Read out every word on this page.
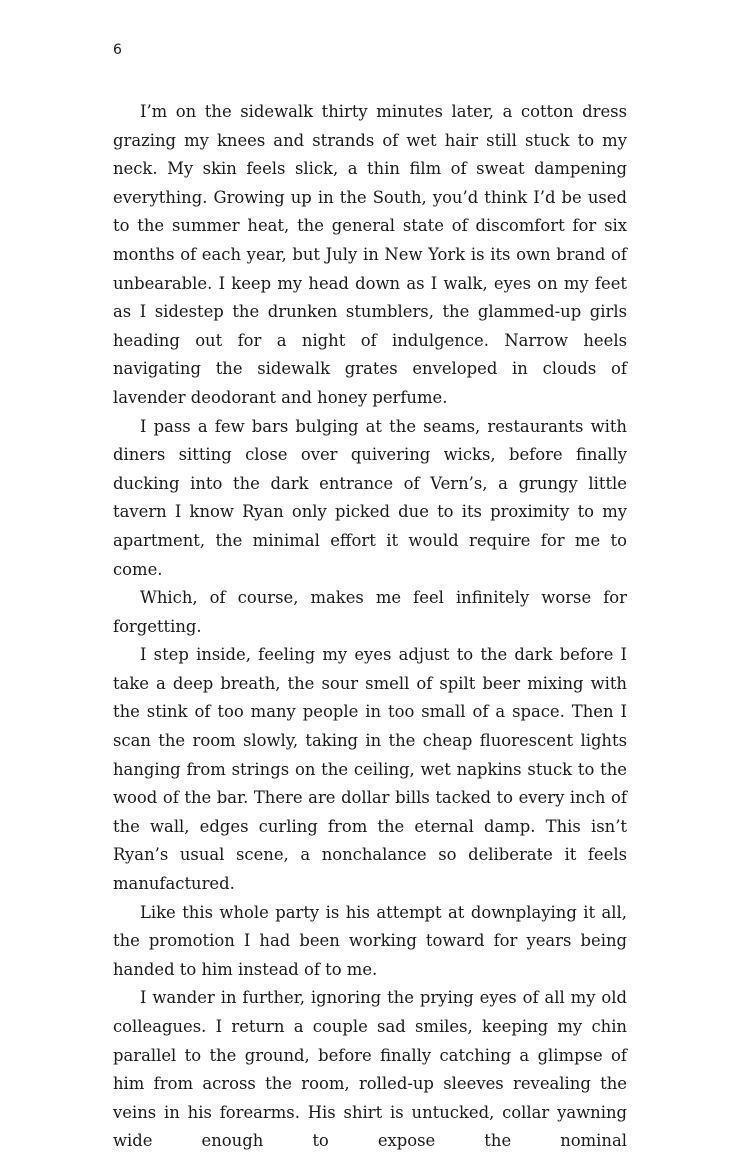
6

I’m on the sidewalk thirty minutes later, a cotton dress grazing my knees and strands of wet hair still stuck to my neck. My skin feels slick, a thin film of sweat dampening everything. Growing up in the South, you’d think I’d be used to the summer heat, the general state of discomfort for six months of each year, but July in New York is its own brand of unbearable. I keep my head down as I walk, eyes on my feet as I sidestep the drunken stumblers, the glammed-up girls heading out for a night of indulgence. Narrow heels navigating the sidewalk grates enveloped in clouds of lavender deodorant and honey perfume.

I pass a few bars bulging at the seams, restaurants with diners sitting close over quivering wicks, before finally ducking into the dark entrance of Vern’s, a grungy little tavern I know Ryan only picked due to its proximity to my apartment, the minimal effort it would require for me to come.

Which, of course, makes me feel infinitely worse for forgetting.

I step inside, feeling my eyes adjust to the dark before I take a deep breath, the sour smell of spilt beer mixing with the stink of too many people in too small of a space. Then I scan the room slowly, taking in the cheap fluorescent lights hanging from strings on the ceiling, wet napkins stuck to the wood of the bar. There are dollar bills tacked to every inch of the wall, edges curling from the eternal damp. This isn’t Ryan’s usual scene, a nonchalance so deliberate it feels manufactured.

Like this whole party is his attempt at downplaying it all, the promotion I had been working toward for years being handed to him instead of to me.

I wander in further, ignoring the prying eyes of all my old colleagues. I return a couple sad smiles, keeping my chin parallel to the ground, before finally catching a glimpse of him from across the room, rolled-up sleeves revealing the veins in his forearms. His shirt is untucked, collar yawning wide enough to expose the nominal
